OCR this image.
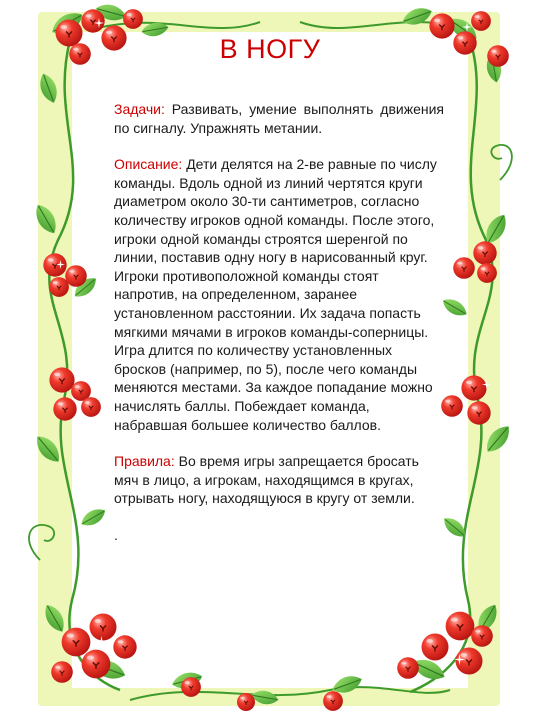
В НОГУ
Задачи: Развивать, умение выполнять движения по сигналу. Упражнять метании.
Описание: Дети делятся на 2-ве равные по числу команды. Вдоль одной из линий чертятся круги диаметром около 30-ти сантиметров, согласно количеству игроков одной команды. После этого, игроки одной команды строятся шеренгой по линии, поставив одну ногу в нарисованный круг. Игроки противоположной команды стоят напротив, на определенном, заранее установленном расстоянии. Их задача попасть мягкими мячами в игроков команды-соперницы. Игра длится по количеству установленных бросков (например, по 5), после чего команды меняются местами. За каждое попадание можно начислять баллы. Побеждает команда, набравшая большее количество баллов.
Правила: Во время игры запрещается бросать мяч в лицо, а игрокам, находящимся в кругах, отрывать ногу, находящуюся в кругу от земли.
.
